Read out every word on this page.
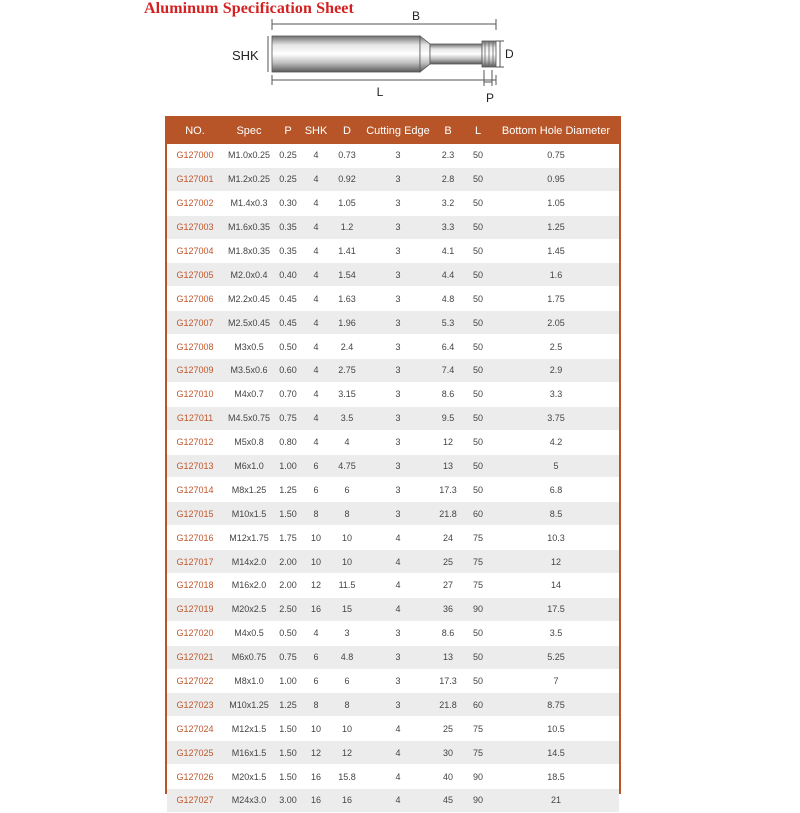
Aluminum Specification Sheet	B
SHK	D
L	P
NO.	Spec	P	SHK	D	Cutting Edge	B	L	Bottom Hole Diameter
G127000	M1.0x0.25	0.25	4	0.73	3	2.3	50	0.75
G127001	M1.2x0.25	0.25	4	0.92	3	2.8	50	0.95
G127002	M1.4x0.3	0.30	4	1.05	3	3.2	50	1.05
G127003	M1.6x0.35	0.35	4	1.2	3	3.3	50	1.25
G127004	M1.8x0.35	0.35	4	1.41	3	4.1	50	1.45
G127005	M2.0x0.4	0.40	4	1.54	3	4.4	50	1.6
G127006	M2.2x0.45	0.45	4	1.63	3	4.8	50	1.75
G127007	M2.5x0.45	0.45	4	1.96	3	5.3	50	2.05
G127008	M3x0.5	0.50	4	2.4	3	6.4	50	2.5
G127009	M3.5x0.6	0.60	4	2.75	3	7.4	50	2.9
G127010	M4x0.7	0.70	4	3.15	3	8.6	50	3.3
G127011	M4.5x0.75	0.75	4	3.5	3	9.5	50	3.75
G127012	M5x0.8	0.80	4	4	3	12	50	4.2
G127013	M6x1.0	1.00	6	4.75	3	13	50	5
G127014	M8x1.25	1.25	6	6	3	17.3	50	6.8
G127015	M10x1.5	1.50	8	8	3	21.8	60	8.5
G127016	M12x1.75	1.75	10	10	4	24	75	10.3
G127017	M14x2.0	2.00	10	10	4	25	75	12
G127018	M16x2.0	2.00	12	11.5	4	27	75	14
G127019	M20x2.5	2.50	16	15	4	36	90	17.5
G127020	M4x0.5	0.50	4	3	3	8.6	50	3.5
G127021	M6x0.75	0.75	6	4.8	3	13	50	5.25
G127022	M8x1.0	1.00	6	6	3	17.3	50	7
G127023	M10x1.25	1.25	8	8	3	21.8	60	8.75
G127024	M12x1.5	1.50	10	10	4	25	75	10.5
G127025	M16x1.5	1.50	12	12	4	30	75	14.5
G127026	M20x1.5	1.50	16	15.8	4	40	90	18.5
G127027	M24x3.0	3.00	16	16	4	45	90	21
